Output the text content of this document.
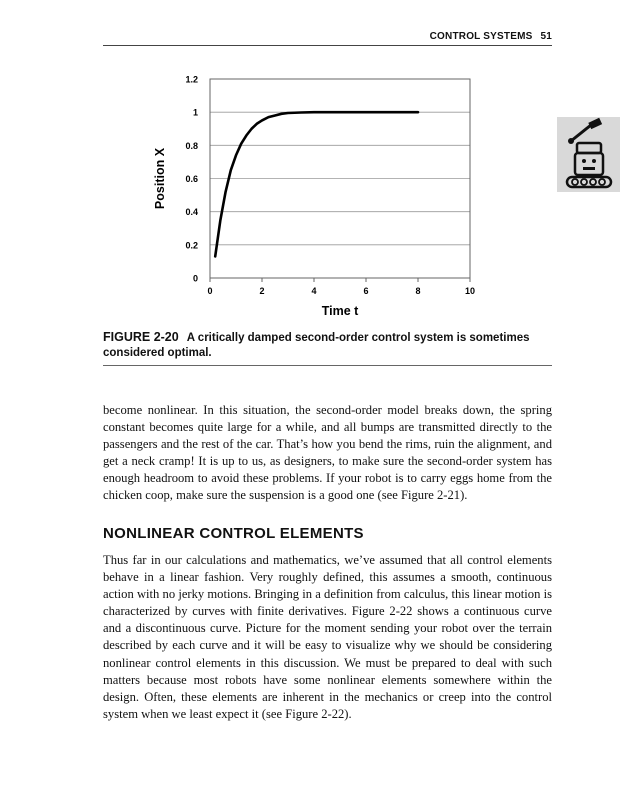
CONTROL SYSTEMS 51
0
0.2
0.4
0.6
0.8
1
1.2
0	2	4	6	8	10
Time t
Position X
FIGURE 2-20 A critically damped second-order control system is sometimes considered optimal.

become nonlinear. In this situation, the second-order model breaks down, the spring constant becomes quite large for a while, and all bumps are transmitted directly to the passengers and the rest of the car. That’s how you bend the rims, ruin the alignment, and get a neck cramp! It is up to us, as designers, to make sure the second-order system has enough headroom to avoid these problems. If your robot is to carry eggs home from the chicken coop, make sure the suspension is a good one (see Figure 2-21).

NONLINEAR CONTROL ELEMENTS

Thus far in our calculations and mathematics, we’ve assumed that all control elements behave in a linear fashion. Very roughly defined, this assumes a smooth, continuous action with no jerky motions. Bringing in a definition from calculus, this linear motion is characterized by curves with finite derivatives. Figure 2-22 shows a continuous curve and a discontinuous curve. Picture for the moment sending your robot over the terrain described by each curve and it will be easy to visualize why we should be considering nonlinear control elements in this discussion. We must be prepared to deal with such matters because most robots have some nonlinear elements somewhere within the design. Often, these elements are inherent in the mechanics or creep into the control system when we least expect it (see Figure 2-22).
